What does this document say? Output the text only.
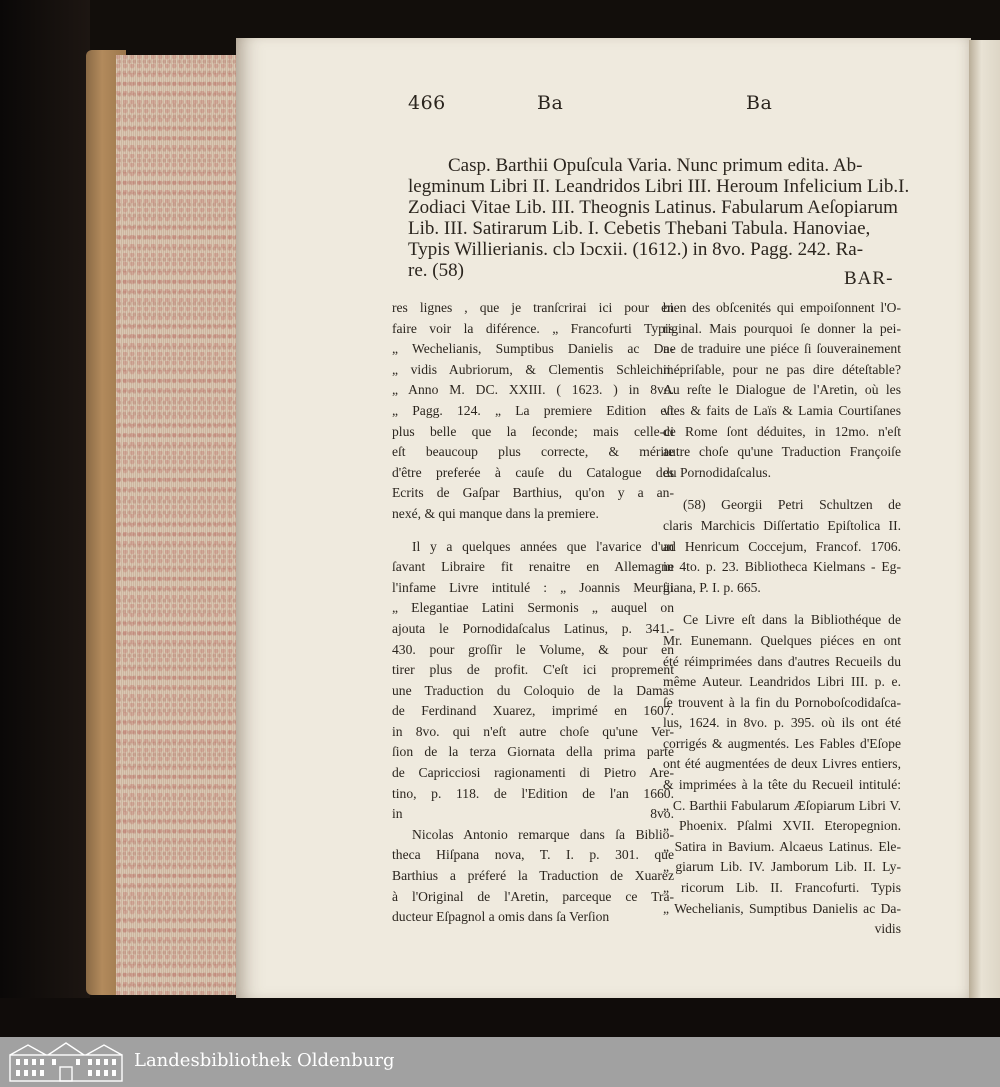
466	Ba	Ba
Casp. Barthii Opuſcula Varia. Nunc primum edita. Ab-
legminum Libri II. Leandridos Libri III. Heroum Infelicium Lib.I.
Zodiaci Vitae Lib. III. Theognis Latinus. Fabularum Aeſopiarum
Lib. III. Satirarum Lib. I. Cebetis Thebani Tabula. Hanoviae,
Typis Willierianis. clɔ Iɔcxii. (1612.) in 8vo. Pagg. 242. Ra-
re. (58)	BAR-
res lignes , que je tranſcrirai ici pour en
faire voir la diférence. „ Francofurti Typis
„ Wechelianis, Sumptibus Danielis ac Da-
„ vidis Aubriorum, & Clementis Schleichii.
„ Anno M. DC. XXIII. ( 1623. ) in 8vo.
„ Pagg. 124. „ La premiere Edition eſt
plus belle que la ſeconde; mais celle-ci
eſt beaucoup plus correcte, & mérite
d'être preferée à cauſe du Catalogue des
Ecrits de Gaſpar Barthius, qu'on y a an-
nexé, & qui manque dans la premiere.
Il y a quelques années que l'avarice d'un
ſavant Libraire fit renaitre en Allemagne
l'infame Livre intitulé : „ Joannis Meurſii
„ Elegantiae Latini Sermonis „ auquel on
ajouta le Pornodidaſcalus Latinus, p. 341.-
430. pour groſſir le Volume, & pour en
tirer plus de profit. C'eſt ici proprement
une Traduction du Coloquio de la Damas
de Ferdinand Xuarez, imprimé en 1607.
in 8vo. qui n'eſt autre choſe qu'une Ver-
ſion de la terza Giornata della prima parte
de Capricciosi ragionamenti di Pietro Are-
tino, p. 118. de l'Edition de l'an 1660.
in 8vo.
Nicolas Antonio remarque dans ſa Biblio-
theca Hiſpana nova, T. I. p. 301. que
Barthius a préferé la Traduction de Xuarez
à l'Original de l'Aretin, parceque ce Tra-
ducteur Eſpagnol a omis dans ſa Verſion
bien des obſcenités qui empoiſonnent l'O-
riginal. Mais pourquoi ſe donner la pei-
ne de traduire une piéce ſi ſouverainement
mépriſable, pour ne pas dire déteſtable?
Au reſte le Dialogue de l'Aretin, où les
vies & faits de Laïs & Lamia Courtiſanes
de Rome ſont déduites, in 12mo. n'eſt
autre choſe qu'une Traduction Françoiſe
du Pornodidaſcalus.
(58) Georgii Petri Schultzen de
claris Marchicis Diſſertatio Epiſtolica II.
ad Henricum Coccejum, Francof. 1706.
in 4to. p. 23. Bibliotheca Kielmans - Eg-
giana, P. I. p. 665.
Ce Livre eſt dans la Bibliothéque de
Mr. Eunemann. Quelques piéces en ont
été réimprimées dans d'autres Recueils du
même Auteur. Leandridos Libri III. p. e.
ſe trouvent à la fin du Pornoboſcodidaſca-
lus, 1624. in 8vo. p. 395. où ils ont été
corrigés & augmentés. Les Fables d'Eſope
ont été augmentées de deux Livres entiers,
& imprimées à la tête du Recueil intitulé:
„ C. Barthii Fabularum Æſopiarum Libri V.
„ Phoenix. Pſalmi XVII. Eteropegnion.
„ Satira in Bavium. Alcaeus Latinus. Ele-
„ giarum Lib. IV. Jamborum Lib. II. Ly-
„ ricorum Lib. II. Francofurti. Typis
„ Wechelianis, Sumptibus Danielis ac Da-
vidis
Landesbibliothek Oldenburg
